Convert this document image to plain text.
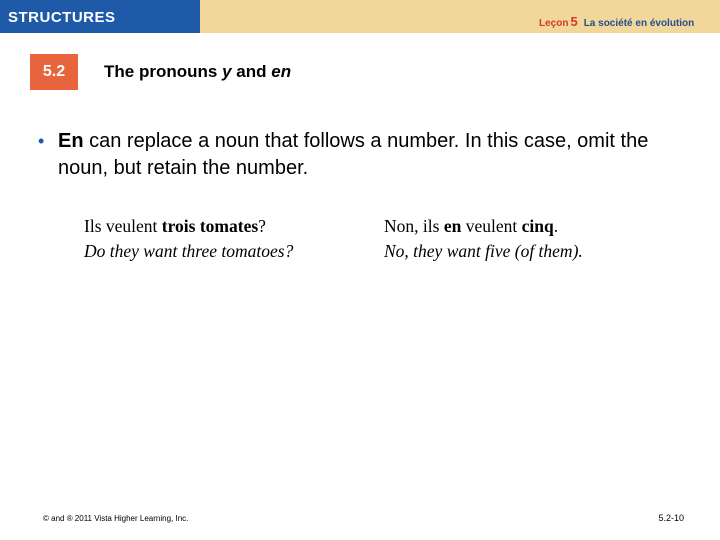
STRUCTURES	Leçon 5 La société en évolution
5.2	The pronouns y and en
• En can replace a noun that follows a number. In this case, omit the noun, but retain the number.
Ils veulent trois tomates?
Do they want three tomatoes?
Non, ils en veulent cinq.
No, they want five (of them).
© and ® 2011 Vista Higher Learning, Inc.	5.2-10
